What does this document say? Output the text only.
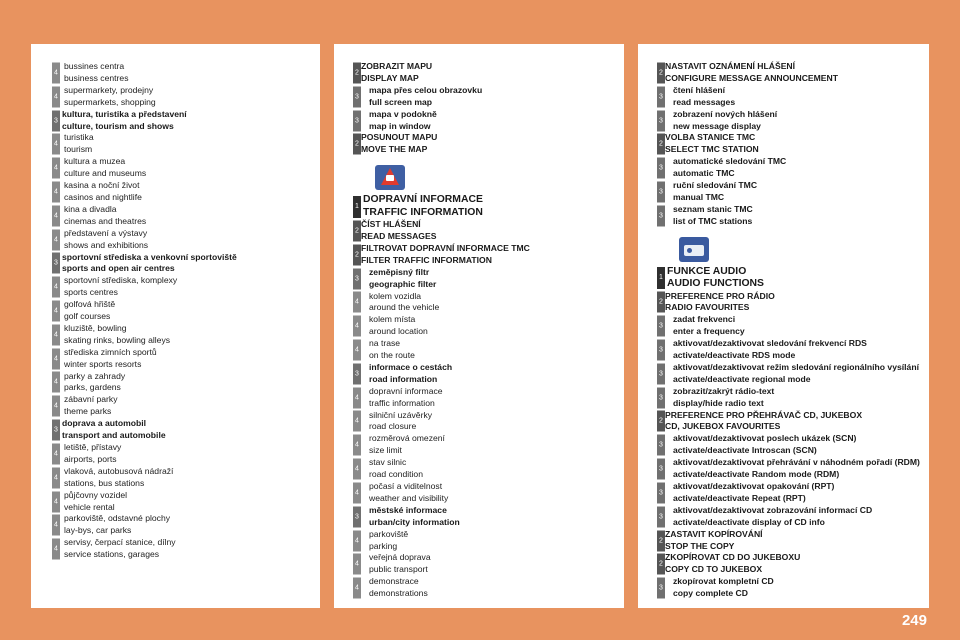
4
bussines centra
business centres
4
supermarkety, prodejny
supermarkets, shopping
3
kultura, turistika a představení
culture, tourism and shows
4
turistika
tourism
4
kultura a muzea
culture and museums
4
kasina a noční život
casinos and nightlife
4
kina a divadla
cinemas and theatres
4
představení a výstavy
shows and exhibitions
3
sportovní střediska a venkovní sportoviště
sports and open air centres
4
sportovní střediska, komplexy
sports centres
4
golfová hřiště
golf courses
4
kluziště, bowling
skating rinks, bowling alleys
4
střediska zimních sportů
winter sports resorts
4
parky a zahrady
parks, gardens
4
zábavní parky
theme parks
3
doprava a automobil
transport and automobile
4
letiště, přístavy
airports, ports
4
vlaková, autobusová nádraží
stations, bus stations
4
půjčovny vozidel
vehicle rental
4
parkoviště, odstavné plochy
lay-bys, car parks
4
servisy, čerpací stanice, dílny
service stations, garages
2
ZOBRAZIT MAPU
DISPLAY MAP
3
mapa přes celou obrazovku
full screen map
3
mapa v podokně
map in window
2
POSUNOUT MAPU
MOVE THE MAP
1
DOPRAVNÍ INFORMACE
TRAFFIC INFORMATION
2
ČÍST HLÁŠENÍ
READ MESSAGES
2
FILTROVAT DOPRAVNÍ INFORMACE TMC
FILTER TRAFFIC INFORMATION
3
zeměpisný filtr
geographic filter
4
kolem vozidla
around the vehicle
4
kolem místa
around location
4
na trase
on the route
3
informace o cestách
road information
4
dopravní informace
traffic information
4
silniční uzávěrky
road closure
4
rozměrová omezení
size limit
4
stav silnic
road condition
4
počasí a viditelnost
weather and visibility
3
městské informace
urban/city information
4
parkoviště
parking
4
veřejná doprava
public transport
4
demonstrace
demonstrations
2
NASTAVIT OZNÁMENÍ HLÁŠENÍ
CONFIGURE MESSAGE ANNOUNCEMENT
3
čtení hlášení
read messages
3
zobrazení nových hlášení
new message display
2
VOLBA STANICE TMC
SELECT TMC STATION
3
automatické sledování TMC
automatic TMC
3
ruční sledování TMC
manual TMC
3
seznam stanic TMC
list of TMC stations
1
FUNKCE AUDIO
AUDIO FUNCTIONS
2
PREFERENCE PRO RÁDIO
RADIO FAVOURITES
3
zadat frekvenci
enter a frequency
3
aktivovat/dezaktivovat sledování frekvencí RDS
activate/deactivate RDS mode
3
aktivovat/dezaktivovat režim sledování regionálního vysílání
activate/deactivate regional mode
3
zobrazit/zakrýt rádio-text
display/hide radio text
2
PREFERENCE PRO PŘEHRÁVAČ CD, JUKEBOX
CD, JUKEBOX FAVOURITES
3
aktivovat/dezaktivovat poslech ukázek (SCN)
activate/deactivate Introscan (SCN)
3
aktivovat/dezaktivovat přehrávání v náhodném pořadí (RDM)
activate/deactivate Random mode (RDM)
3
aktivovat/dezaktivovat opakování (RPT)
activate/deactivate Repeat (RPT)
3
aktivovat/dezaktivovat zobrazování informací CD
activate/deactivate display of CD info
2
ZASTAVIT KOPÍROVÁNÍ
STOP THE COPY
2
ZKOPÍROVAT CD DO JUKEBOXU
COPY CD TO JUKEBOX
3
zkopírovat kompletní CD
copy complete CD
249
